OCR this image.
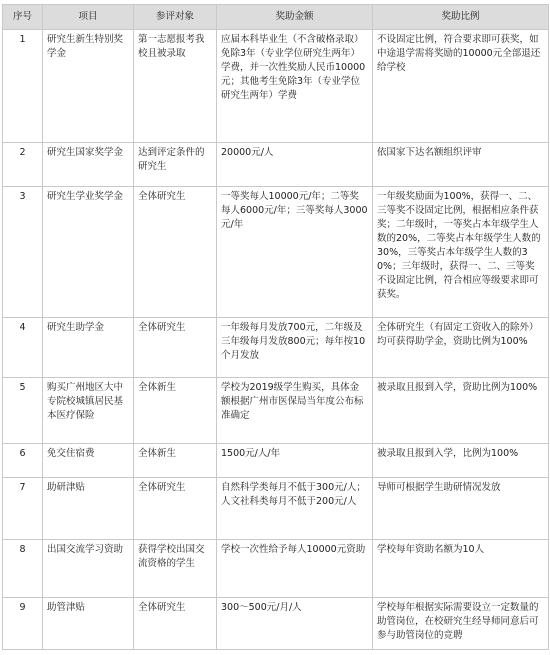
序号	项目	参评对象	奖助金额	奖助比例
1	研究生新生特别奖学金	第一志愿报考我校且被录取	应届本科毕业生（不含破格录取）免除3年（专业学位研究生两年）学费，并一次性奖励人民币10000元；其他考生免除3年（专业学位研究生两年）学费	不设固定比例，符合要求即可获奖，如中途退学需将奖励的10000元全部退还给学校
2	研究生国家奖学金	达到评定条件的研究生	20000元/人	依国家下达名额组织评审
3	研究生学业奖学金	全体研究生	一等奖每人10000元/年；二等奖每人6000元/年；三等奖每人3000元/年	一年级奖励面为100%，获得一、二、三等奖不设固定比例，根据相应条件获奖；二年级时，一等奖占本年级学生人数的20%，二等奖占本年级学生人数的30%，三等奖占本年级学生人数的30%；三年级时，获得一、二、三等奖不设固定比例，符合相应等级要求即可获奖。
4	研究生助学金	全体研究生	一年级每月发放700元，二年级及三年级每月发放800元；每年按10个月发放	全体研究生（有固定工资收入的除外）均可获得助学金，资助比例为100%
5	购买广州地区大中专院校城镇居民基本医疗保险	全体新生	学校为2019级学生购买，具体金额根据广州市医保局当年度公布标准确定	被录取且报到入学，资助比例为100%
6	免交住宿费	全体新生	1500元/人/年	被录取且报到入学，比例为100%
7	助研津贴	全体研究生	自然科学类每月不低于300元/人；人文社科类每月不低于200元/人	导师可根据学生助研情况发放
8	出国交流学习资助	获得学校出国交流资格的学生	学校一次性给予每人10000元资助	学校每年资助名额为10人
9	助管津贴	全体研究生	300～500元/月/人	学校每年根据实际需要设立一定数量的助管岗位，在校研究生经导师同意后可参与助管岗位的竞聘
